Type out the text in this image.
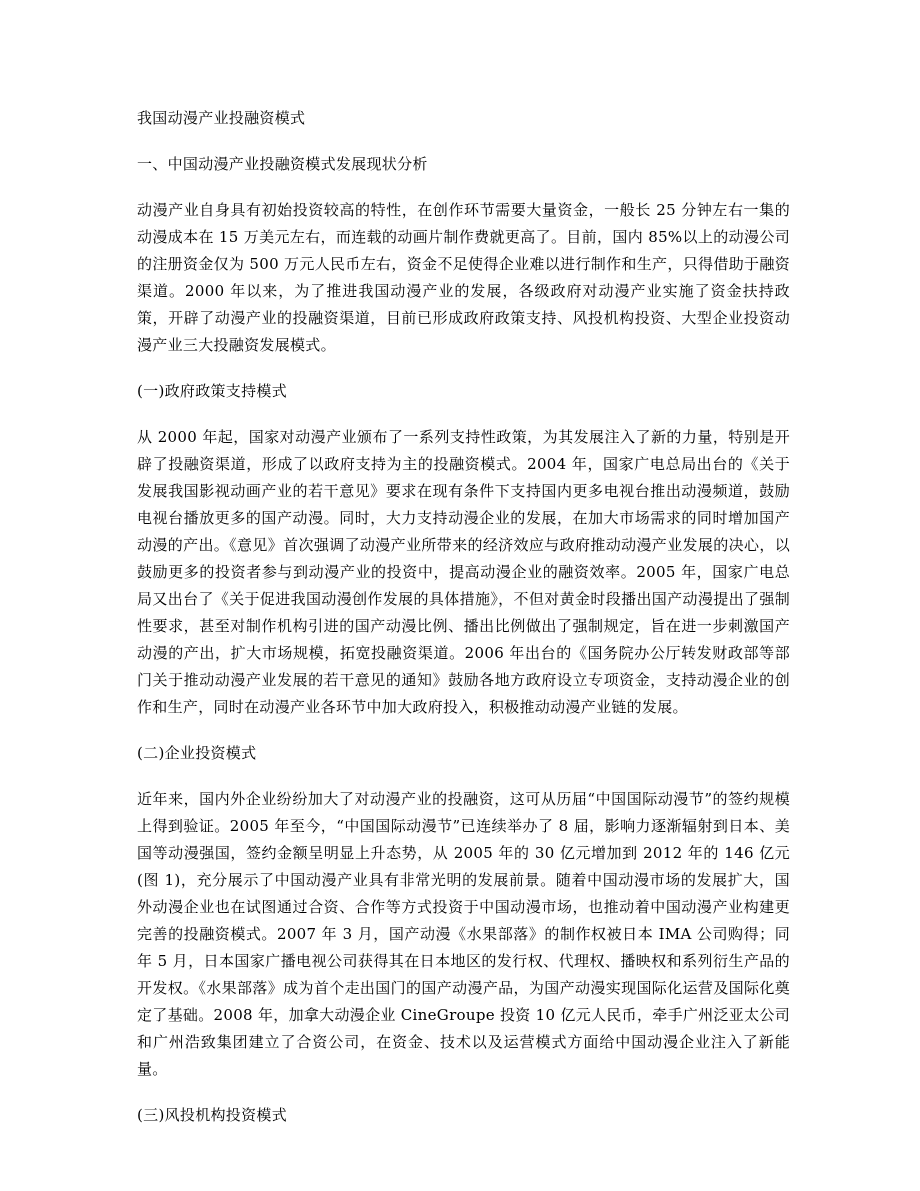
我国动漫产业投融资模式

一、中国动漫产业投融资模式发展现状分析

动漫产业自身具有初始投资较高的特性，在创作环节需要大量资金，一般长 25 分钟左右一集的动漫成本在 15 万美元左右，而连载的动画片制作费就更高了。目前，国内 85%以上的动漫公司的注册资金仅为 500 万元人民币左右，资金不足使得企业难以进行制作和生产，只得借助于融资渠道。2000 年以来，为了推进我国动漫产业的发展，各级政府对动漫产业实施了资金扶持政策，开辟了动漫产业的投融资渠道，目前已形成政府政策支持、风投机构投资、大型企业投资动漫产业三大投融资发展模式。

(一)政府政策支持模式

从 2000 年起，国家对动漫产业颁布了一系列支持性政策，为其发展注入了新的力量，特别是开辟了投融资渠道，形成了以政府支持为主的投融资模式。2004 年，国家广电总局出台的《关于发展我国影视动画产业的若干意见》要求在现有条件下支持国内更多电视台推出动漫频道，鼓励电视台播放更多的国产动漫。同时，大力支持动漫企业的发展，在加大市场需求的同时增加国产动漫的产出。《意见》首次强调了动漫产业所带来的经济效应与政府推动动漫产业发展的决心，以鼓励更多的投资者参与到动漫产业的投资中，提高动漫企业的融资效率。2005 年，国家广电总局又出台了《关于促进我国动漫创作发展的具体措施》，不但对黄金时段播出国产动漫提出了强制性要求，甚至对制作机构引进的国产动漫比例、播出比例做出了强制规定，旨在进一步刺激国产动漫的产出，扩大市场规模，拓宽投融资渠道。2006 年出台的《国务院办公厅转发财政部等部门关于推动动漫产业发展的若干意见的通知》鼓励各地方政府设立专项资金，支持动漫企业的创作和生产，同时在动漫产业各环节中加大政府投入，积极推动动漫产业链的发展。

(二)企业投资模式

近年来，国内外企业纷纷加大了对动漫产业的投融资，这可从历届“中国国际动漫节”的签约规模上得到验证。2005 年至今，“中国国际动漫节”已连续举办了 8 届，影响力逐渐辐射到日本、美国等动漫强国，签约金额呈明显上升态势，从 2005 年的 30 亿元增加到 2012 年的 146 亿元(图 1)，充分展示了中国动漫产业具有非常光明的发展前景。随着中国动漫市场的发展扩大，国外动漫企业也在试图通过合资、合作等方式投资于中国动漫市场，也推动着中国动漫产业构建更完善的投融资模式。2007 年 3 月，国产动漫《水果部落》的制作权被日本 IMA 公司购得；同年 5 月，日本国家广播电视公司获得其在日本地区的发行权、代理权、播映权和系列衍生产品的开发权。《水果部落》成为首个走出国门的国产动漫产品，为国产动漫实现国际化运营及国际化奠定了基础。2008 年，加拿大动漫企业 CineGroupe 投资 10 亿元人民币，牵手广州泛亚太公司和广州浩致集团建立了合资公司，在资金、技术以及运营模式方面给中国动漫企业注入了新能量。

(三)风投机构投资模式
